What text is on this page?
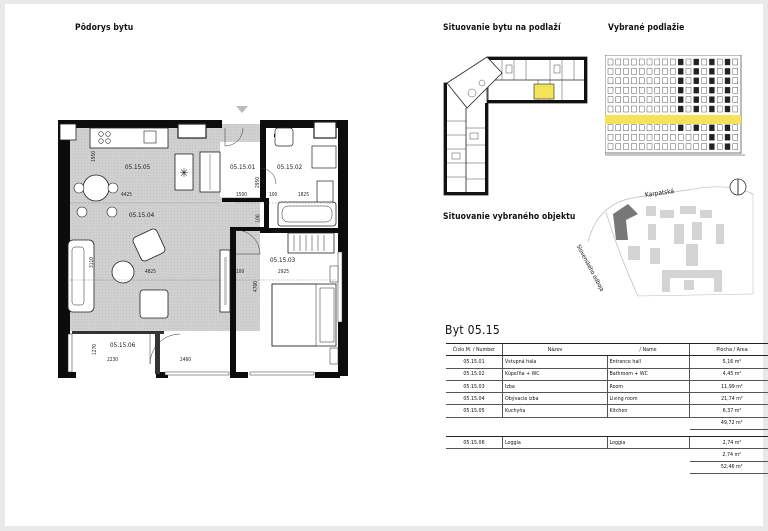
Pôdorys bytu	Situovanie bytu na podlaží	Vybrané podlažie
Situovanie vybraného objektu
✳
05.15.05	05.15.01	05.15.02
05.15.04
05.15.03
05.15.06
1950
4425
2950
1500	100	1825
100
3110
4825	100	2925
4700
1270
2230	2460
100
Karpatská
Slovenského odboja
Byt 05.15
Číslo M. / Number	Názov	/ Name	Plocha / Area
05.15.01	Vstupná hala	Entrance hall	5,16 m²
05.15.02	Kúpeľňa + WC	Bathroom + WC	4,45 m²
05.15.03	Izba	Room	11,99 m²
05.15.04	Obývacia izba	Living room	21,74 m²
05.15.05	Kuchyňa	Kitchen	6,37 m²
			49,72 m²

05.15.06	Loggia	Loggia	2,74 m²
			2,74 m²
			52,46 m²
